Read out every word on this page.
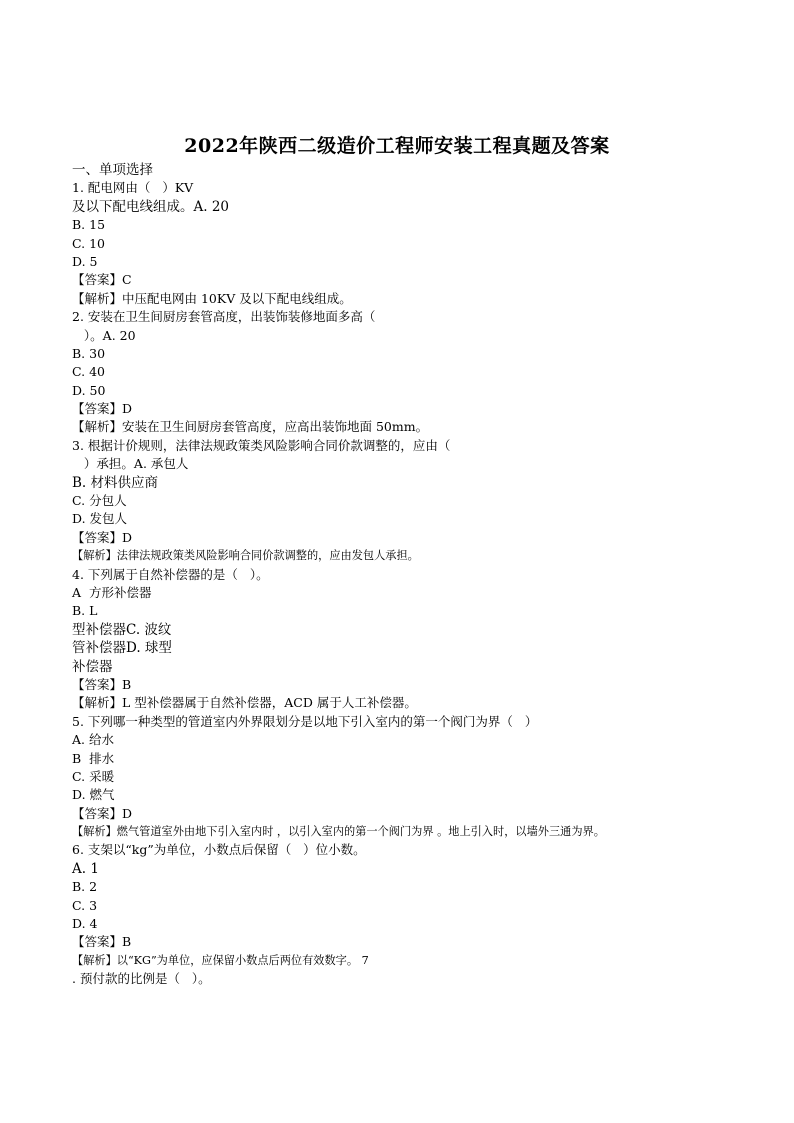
2022年陕西二级造价工程师安装工程真题及答案
一、单项选择
1. 配电网由（   ）KV
及以下配电线组成。A. 20
B. 15
C. 10
D. 5
【答案】C
【解析】中压配电网由 10KV 及以下配电线组成。
2. 安装在卫生间厨房套管高度，出装饰装修地面多高（
）。A. 20
B. 30
C. 40
D. 50
【答案】D
【解析】安装在卫生间厨房套管高度，应高出装饰地面 50mm。
3. 根据计价规则，法律法规政策类风险影响合同价款调整的，应由（
）承担。A. 承包人
B. 材料供应商
C. 分包人
D. 发包人
【答案】D
【解析】法律法规政策类风险影响合同价款调整的，应由发包人承担。
4. 下列属于自然补偿器的是（   ）。
A  方形补偿器
B. L
型补偿器C. 波纹
管补偿器D. 球型
补偿器
【答案】B
【解析】L 型补偿器属于自然补偿器，ACD 属于人工补偿器。
5. 下列哪一种类型的管道室内外界限划分是以地下引入室内的第一个阀门为界（   ）
A. 给水
B  排水
C. 采暖
D. 燃气
【答案】D
【解析】燃气管道室外由地下引入室内时 ，以引入室内的第一个阀门为界 。地上引入时，以墙外三通为界。
6. 支架以“kg”为单位，小数点后保留（   ）位小数。
A. 1
B. 2
C. 3
D. 4
【答案】B
【解析】以“KG”为单位，应保留小数点后两位有效数字。 7
. 预付款的比例是（   ）。
